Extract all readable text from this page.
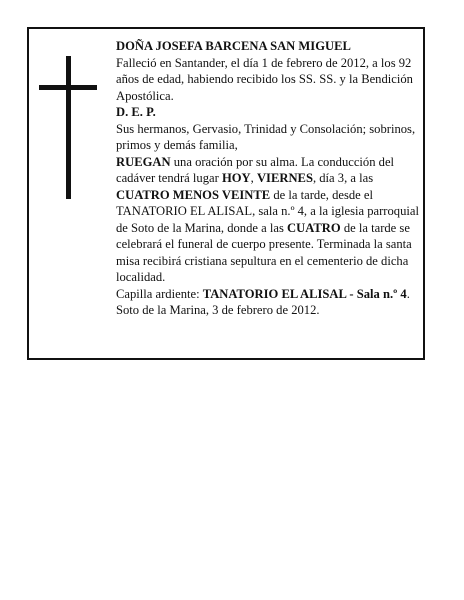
DOÑA JOSEFA BARCENA SAN MIGUEL

Falleció en Santander, el día 1 de febrero de 2012, a los 92 años de edad, habiendo recibido los SS. SS. y la Bendición Apostólica.

D. E. P.

Sus hermanos, Gervasio, Trinidad y Consolación; sobrinos, primos y demás familia,

RUEGAN una oración por su alma. La conducción del cadáver tendrá lugar HOY, VIERNES, día 3, a las CUATRO MENOS VEINTE de la tarde, desde el TANATORIO EL ALISAL, sala n.º 4, a la iglesia parroquial de Soto de la Marina, donde a las CUATRO de la tarde se celebrará el funeral de cuerpo presente. Terminada la santa misa recibirá cristiana sepultura en el cementerio de dicha localidad.

Capilla ardiente: TANATORIO EL ALISAL - Sala n.º 4.

Soto de la Marina, 3 de febrero de 2012.
